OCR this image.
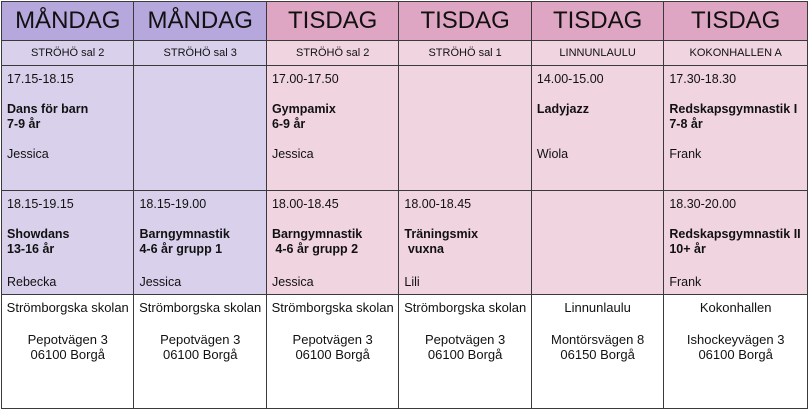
MÅNDAG	MÅNDAG	TISDAG	TISDAG	TISDAG	TISDAG
STRÖHÖ sal 2	STRÖHÖ sal 3	STRÖHÖ sal 2	STRÖHÖ sal 1	LINNUNLAULU	KOKONHALLEN A

17.15-18.15
Dans för barn
7-9 år
Jessica		17.00-17.50
Gympamix
6-9 år
Jessica		14.00-15.00
Ladyjazz
Wiola	17.30-18.30
Redskapsgymnastik I
7-8 år
Frank

18.15-19.15
Showdans
13-16 år
Rebecka	18.15-19.00
Barngymnastik
4-6 år grupp 1
Jessica	18.00-18.45
Barngymnastik
4-6 år grupp 2
Jessica	18.00-18.45
Träningsmix
vuxna
Lili		18.30-20.00
Redskapsgymnastik II
10+ år
Frank

Strömborgska skolan
Pepotvägen 3
06100 Borgå	Strömborgska skolan
Pepotvägen 3
06100 Borgå	Strömborgska skolan
Pepotvägen 3
06100 Borgå	Strömborgska skolan
Pepotvägen 3
06100 Borgå	Linnunlaulu
Montörsvägen 8
06150 Borgå	Kokonhallen
Ishockeyvägen 3
06100 Borgå
